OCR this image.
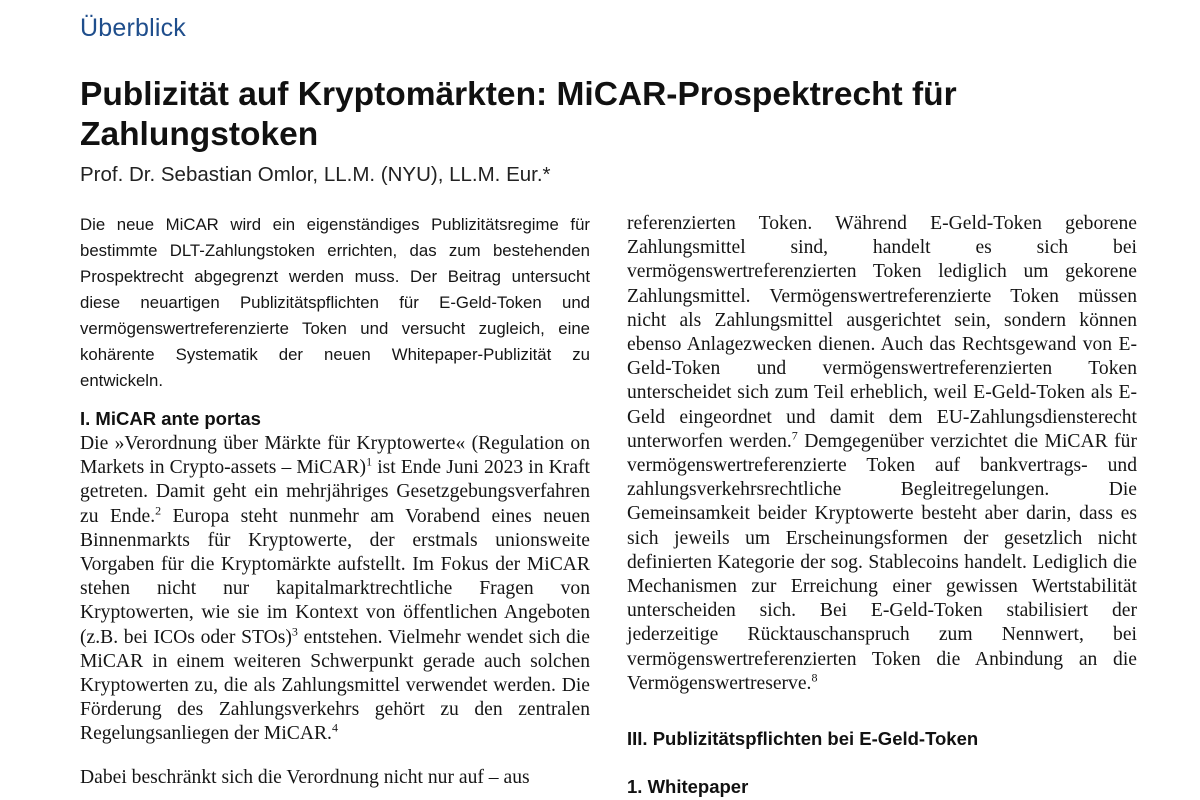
Überblick
Publizität auf Kryptomärkten: MiCAR-Prospektrecht für Zahlungstoken
Prof. Dr. Sebastian Omlor, LL.M. (NYU), LL.M. Eur.*

Die neue MiCAR wird ein eigenständiges Publizitätsregime für bestimmte DLT-Zahlungstoken errichten, das zum bestehenden Prospektrecht abgegrenzt werden muss. Der Beitrag untersucht diese neuartigen Publizitätspflichten für E-Geld-Token und vermögenswertreferenzierte Token und versucht zugleich, eine kohärente Systematik der neuen Whitepaper-Publizität zu entwickeln.

I. MiCAR ante portas

Die »Verordnung über Märkte für Kryptowerte« (Regulation on Markets in Crypto-assets – MiCAR)$^1$ ist Ende Juni 2023 in Kraft getreten. Damit geht ein mehrjähriges Gesetzgebungsverfahren zu Ende.$^2$ Europa steht nunmehr am Vorabend eines neuen Binnenmarkts für Kryptowerte, der erstmals unionsweite Vorgaben für die Kryptomärkte aufstellt. Im Fokus der MiCAR stehen nicht nur kapitalmarktrechtliche Fragen von Kryptowerten, wie sie im Kontext von öffentlichen Angeboten (z.B. bei ICOs oder STOs)$^3$ entstehen. Vielmehr wendet sich die MiCAR in einem weiteren Schwerpunkt gerade auch solchen Kryptowerten zu, die als Zahlungsmittel verwendet werden. Die Förderung des Zahlungsverkehrs gehört zu den zentralen Regelungsanliegen der MiCAR.$^4$

Dabei beschränkt sich die Verordnung nicht nur auf – aus

referenzierten Token. Während E-Geld-Token geborene Zahlungsmittel sind, handelt es sich bei vermögenswertreferenzierten Token lediglich um gekorene Zahlungsmittel. Vermögenswertreferenzierte Token müssen nicht als Zahlungsmittel ausgerichtet sein, sondern können ebenso Anlagezwecken dienen. Auch das Rechtsgewand von E-Geld-Token und vermögenswertreferenzierten Token unterscheidet sich zum Teil erheblich, weil E-Geld-Token als E-Geld eingeordnet und damit dem EU-Zahlungsdiensterecht unterworfen werden.$^7$ Demgegenüber verzichtet die MiCAR für vermögenswertreferenzierte Token auf bankvertrags- und zahlungsverkehrsrechtliche Begleitregelungen. Die Gemeinsamkeit beider Kryptowerte besteht aber darin, dass es sich jeweils um Erscheinungsformen der gesetzlich nicht definierten Kategorie der sog. Stablecoins handelt. Lediglich die Mechanismen zur Erreichung einer gewissen Wertstabilität unterscheiden sich. Bei E-Geld-Token stabilisiert der jederzeitige Rücktauschanspruch zum Nennwert, bei vermögenswertreferenzierten Token die Anbindung an die Vermögenswertreserve.$^8$

III. Publizitätspflichten bei E-Geld-Token
1. Whitepaper
